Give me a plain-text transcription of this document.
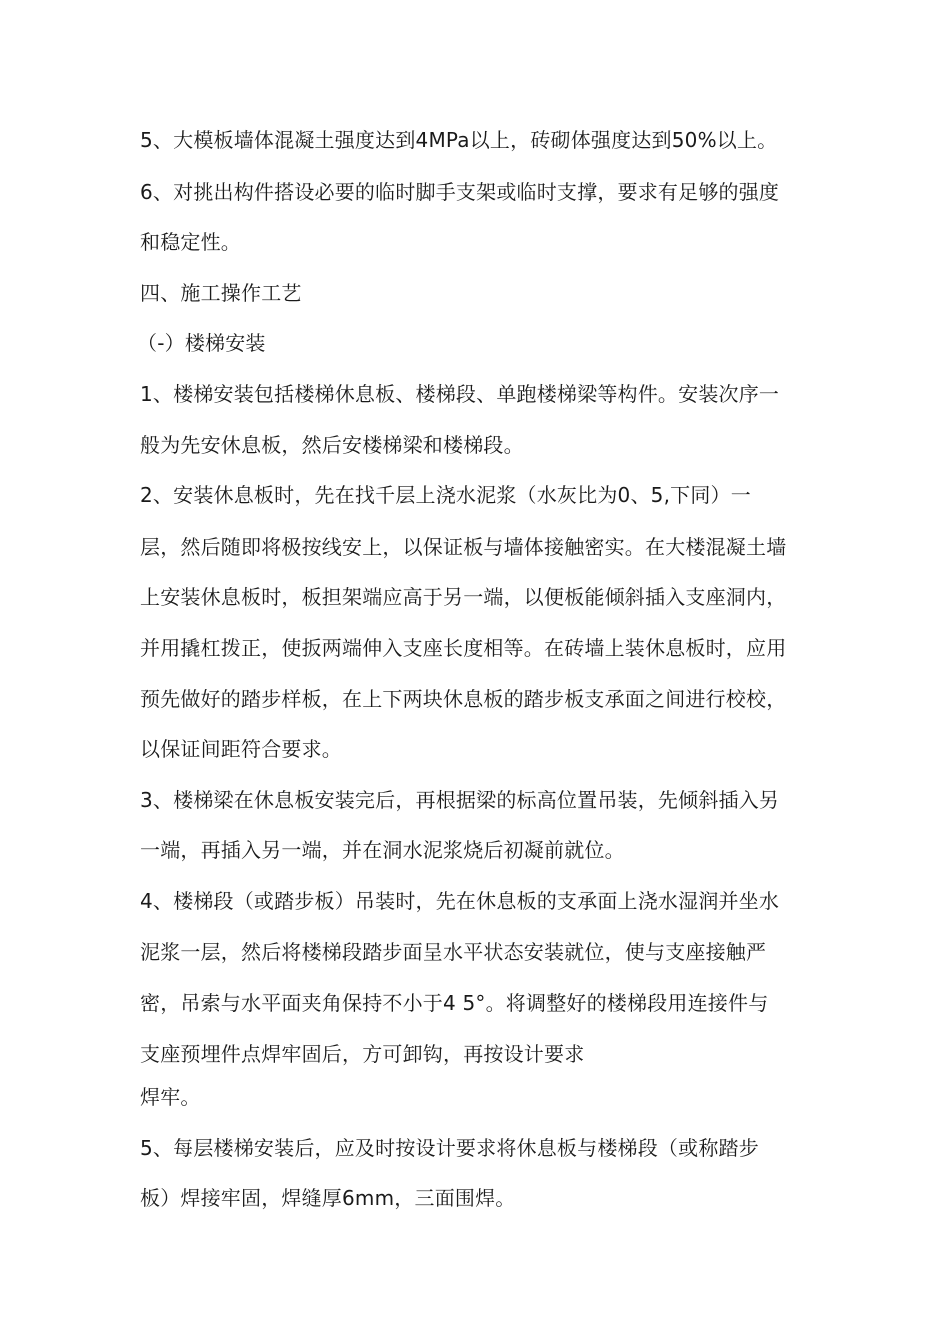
5、大模板墙体混凝土强度达到4MPa以上，砖砌体强度达到50%以上。
6、对挑出构件搭设必要的临时脚手支架或临时支撑，要求有足够的强度
和稳定性。
四、施工操作工艺
（-）楼梯安装
1、楼梯安装包括楼梯休息板、楼梯段、单跑楼梯梁等构件。安装次序一
般为先安休息板，然后安楼梯梁和楼梯段。
2、安装休息板时，先在找千层上浇水泥浆（水灰比为0、5,下同）一
层，然后随即将极按线安上，以保证板与墙体接触密实。在大楼混凝土墙
上安装休息板时，板担架端应高于另一端，以便板能倾斜插入支座洞内，
并用撬杠拨正，使扳两端伸入支座长度相等。在砖墙上装休息板时，应用
预先做好的踏步样板，在上下两块休息板的踏步板支承面之间进行校校，
以保证间距符合要求。
3、楼梯梁在休息板安装完后，再根据梁的标高位置吊装，先倾斜插入另
一端，再插入另一端，并在洞水泥浆烧后初凝前就位。
4、楼梯段（或踏步板）吊装时，先在休息板的支承面上浇水湿润并坐水
泥浆一层，然后将楼梯段踏步面呈水平状态安装就位，使与支座接触严
密，吊索与水平面夹角保持不小于4 5°。将调整好的楼梯段用连接件与
支座预埋件点焊牢固后，方可卸钩，再按设计要求
焊牢。
5、每层楼梯安装后，应及时按设计要求将休息板与楼梯段（或称踏步
板）焊接牢固，焊缝厚6mm，三面围焊。
